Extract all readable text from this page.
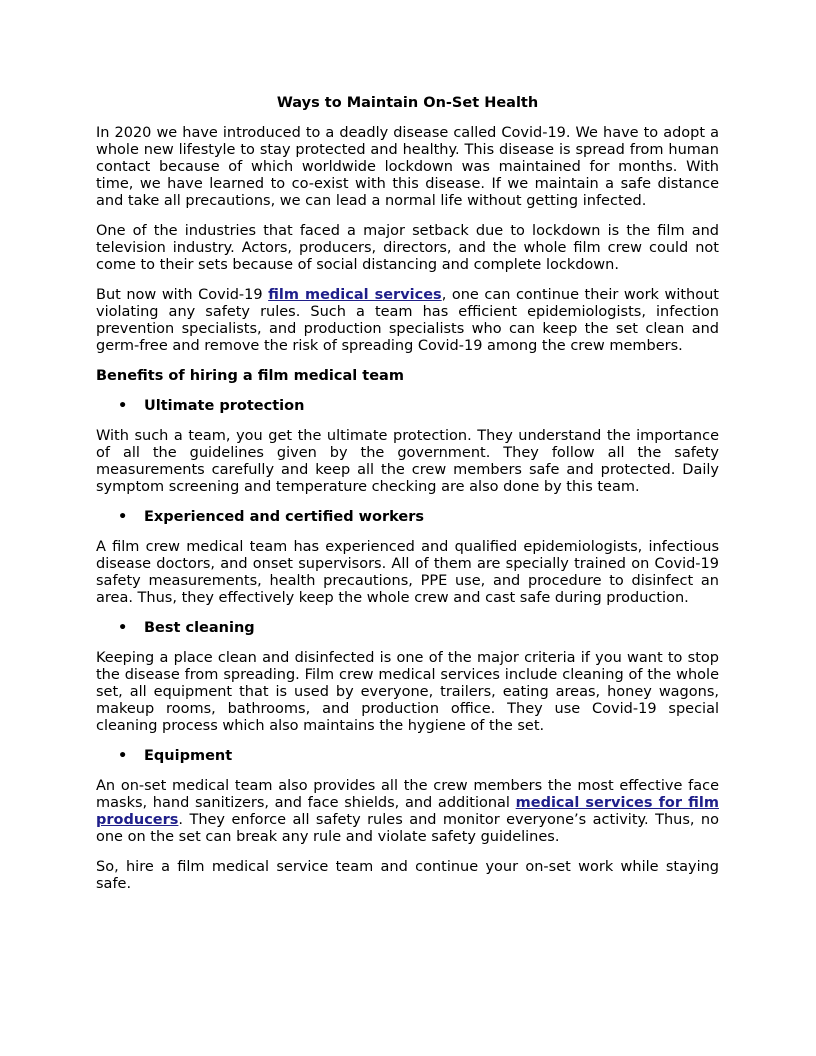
Ways to Maintain On-Set Health

In 2020 we have introduced to a deadly disease called Covid-19. We have to adopt a whole new lifestyle to stay protected and healthy. This disease is spread from human contact because of which worldwide lockdown was maintained for months. With time, we have learned to co-exist with this disease. If we maintain a safe distance and take all precautions, we can lead a normal life without getting infected.

One of the industries that faced a major setback due to lockdown is the film and television industry. Actors, producers, directors, and the whole film crew could not come to their sets because of social distancing and complete lockdown.

But now with Covid-19 film medical services, one can continue their work without violating any safety rules. Such a team has efficient epidemiologists, infection prevention specialists, and production specialists who can keep the set clean and germ-free and remove the risk of spreading Covid-19 among the crew members.

Benefits of hiring a film medical team

• Ultimate protection

With such a team, you get the ultimate protection. They understand the importance of all the guidelines given by the government. They follow all the safety measurements carefully and keep all the crew members safe and protected. Daily symptom screening and temperature checking are also done by this team.

• Experienced and certified workers

A film crew medical team has experienced and qualified epidemiologists, infectious disease doctors, and onset supervisors. All of them are specially trained on Covid-19 safety measurements, health precautions, PPE use, and procedure to disinfect an area. Thus, they effectively keep the whole crew and cast safe during production.

• Best cleaning

Keeping a place clean and disinfected is one of the major criteria if you want to stop the disease from spreading. Film crew medical services include cleaning of the whole set, all equipment that is used by everyone, trailers, eating areas, honey wagons, makeup rooms, bathrooms, and production office. They use Covid-19 special cleaning process which also maintains the hygiene of the set.

• Equipment

An on-set medical team also provides all the crew members the most effective face masks, hand sanitizers, and face shields, and additional medical services for film producers. They enforce all safety rules and monitor everyone’s activity. Thus, no one on the set can break any rule and violate safety guidelines.

So, hire a film medical service team and continue your on-set work while staying safe.
